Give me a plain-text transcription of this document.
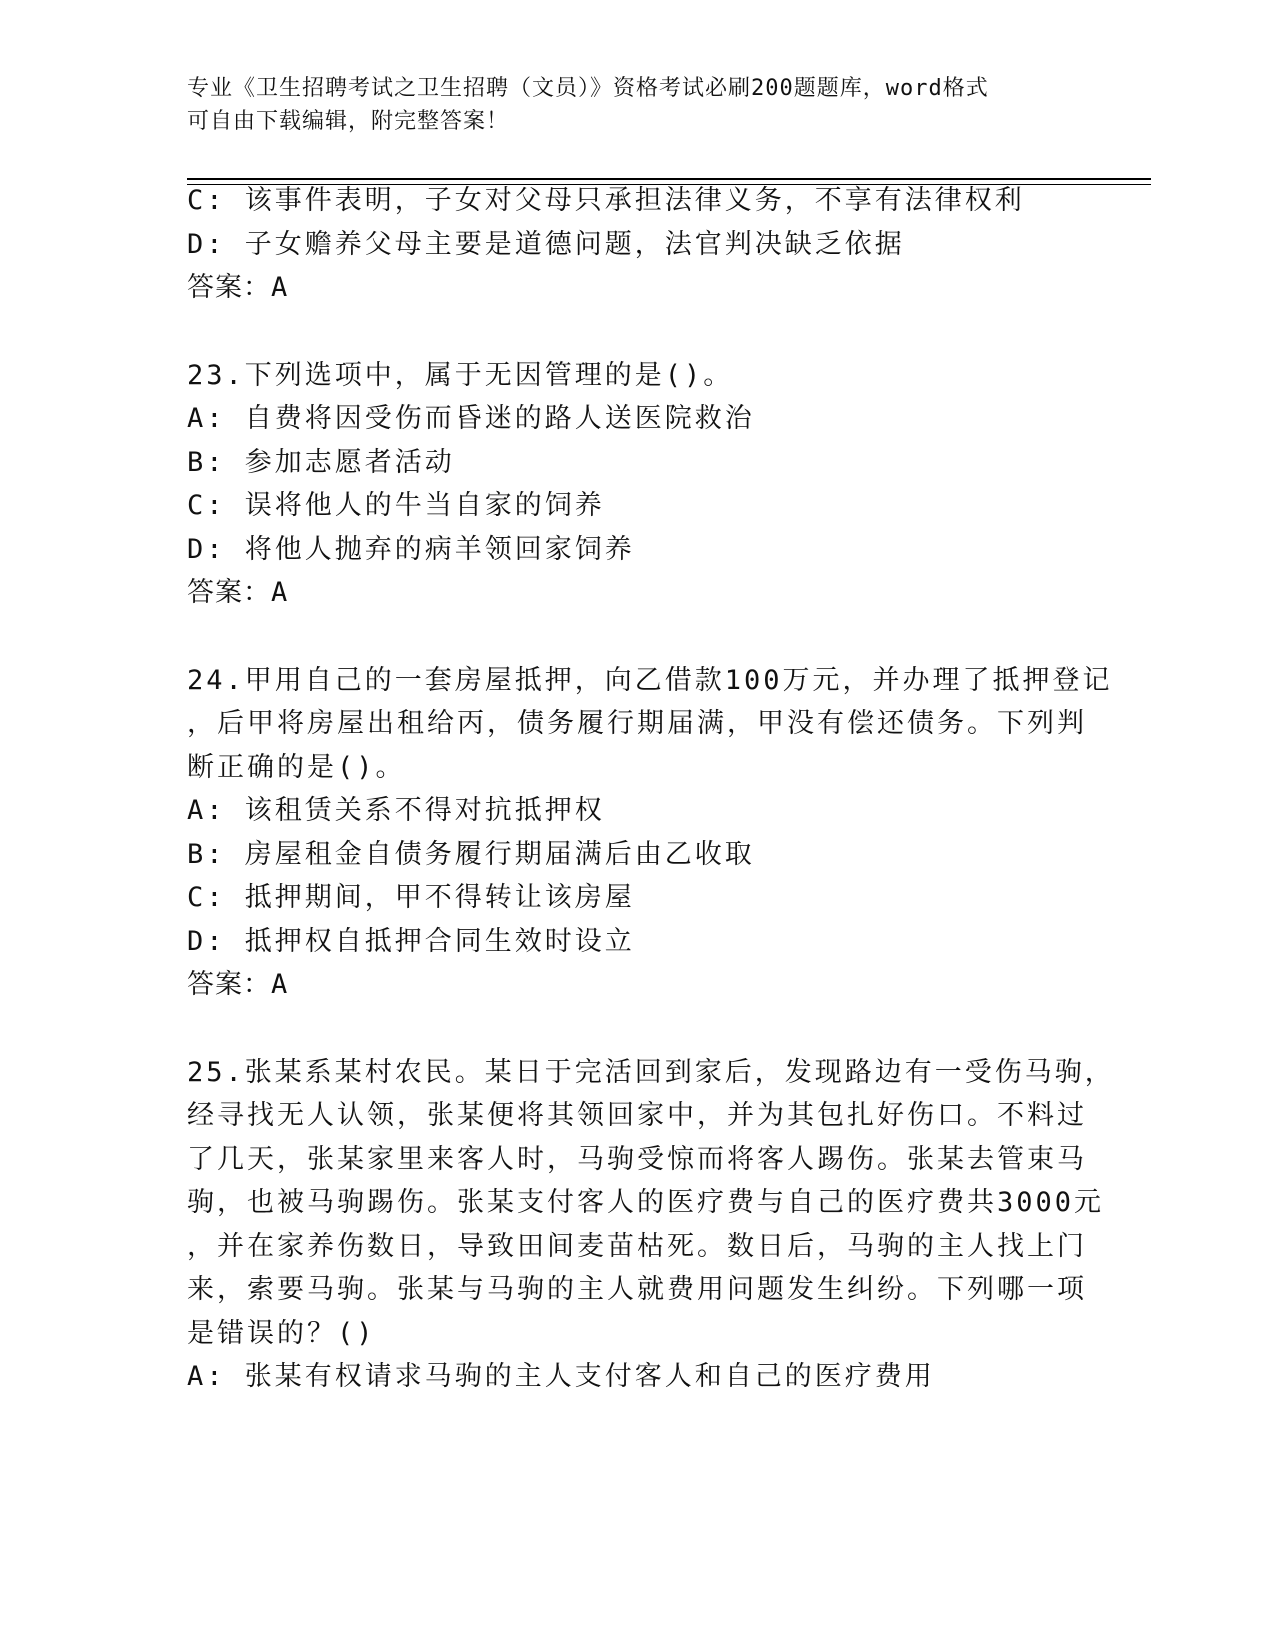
专业《卫生招聘考试之卫生招聘（文员）》资格考试必刷200题题库，word格式
可自由下载编辑，附完整答案！
C: 该事件表明，子女对父母只承担法律义务，不享有法律权利
D: 子女赡养父母主要是道德问题，法官判决缺乏依据
答案：A
23.下列选项中，属于无因管理的是()。
A: 自费将因受伤而昏迷的路人送医院救治
B: 参加志愿者活动
C: 误将他人的牛当自家的饲养
D: 将他人抛弃的病羊领回家饲养
答案：A
24.甲用自己的一套房屋抵押，向乙借款100万元，并办理了抵押登记
，后甲将房屋出租给丙，债务履行期届满，甲没有偿还债务。下列判
断正确的是()。
A: 该租赁关系不得对抗抵押权
B: 房屋租金自债务履行期届满后由乙收取
C: 抵押期间，甲不得转让该房屋
D: 抵押权自抵押合同生效时设立
答案：A
25.张某系某村农民。某日于完活回到家后，发现路边有一受伤马驹，
经寻找无人认领，张某便将其领回家中，并为其包扎好伤口。不料过
了几天，张某家里来客人时，马驹受惊而将客人踢伤。张某去管束马
驹，也被马驹踢伤。张某支付客人的医疗费与自己的医疗费共3000元
，并在家养伤数日，导致田间麦苗枯死。数日后，马驹的主人找上门
来，索要马驹。张某与马驹的主人就费用问题发生纠纷。下列哪一项
是错误的？()
A: 张某有权请求马驹的主人支付客人和自己的医疗费用
